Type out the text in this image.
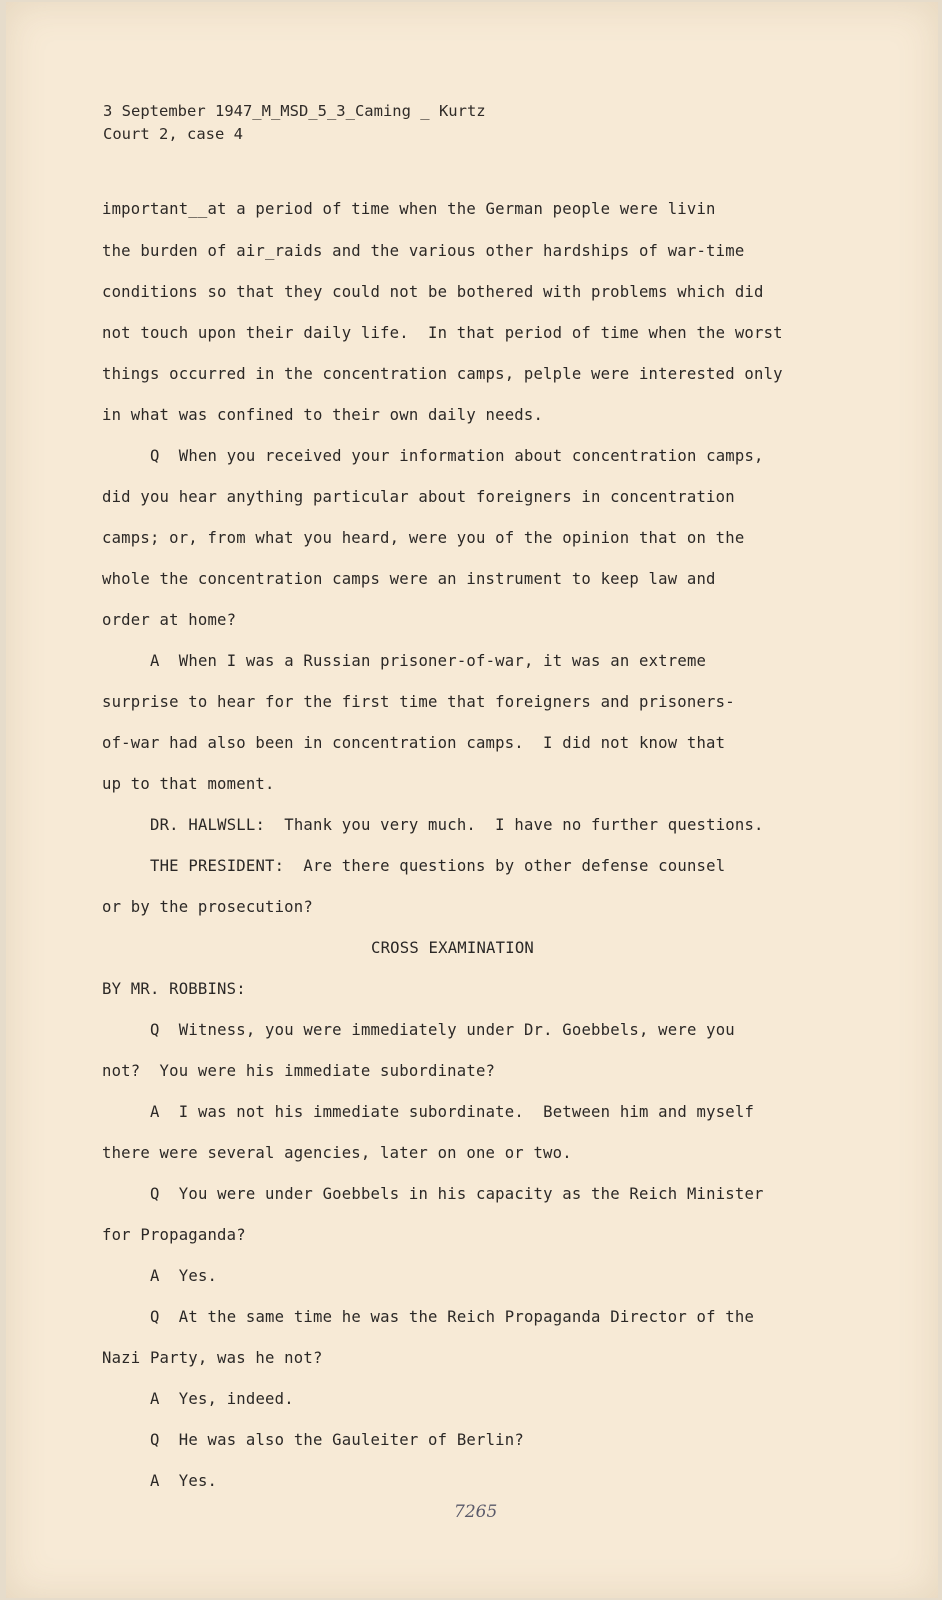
3 September 1947_M_MSD_5_3_Caming _ Kurtz
Court 2, case 4
important__at a period of time when the German people were livin
the burden of air_raids and the various other hardships of war-time
conditions so that they could not be bothered with problems which did
not touch upon their daily life.  In that period of time when the worst
things occurred in the concentration camps, pelple were interested only
in what was confined to their own daily needs.
Q  When you received your information about concentration camps,
did you hear anything particular about foreigners in concentration
camps; or, from what you heard, were you of the opinion that on the
whole the concentration camps were an instrument to keep law and
order at home?
A  When I was a Russian prisoner-of-war, it was an extreme
surprise to hear for the first time that foreigners and prisoners-
of-war had also been in concentration camps.  I did not know that
up to that moment.
DR. HALWSLL:  Thank you very much.  I have no further questions.
THE PRESIDENT:  Are there questions by other defense counsel
or by the prosecution?
CROSS EXAMINATION
BY MR. ROBBINS:
Q  Witness, you were immediately under Dr. Goebbels, were you
not?  You were his immediate subordinate?
A  I was not his immediate subordinate.  Between him and myself
there were several agencies, later on one or two.
Q  You were under Goebbels in his capacity as the Reich Minister
for Propaganda?
A  Yes.
Q  At the same time he was the Reich Propaganda Director of the
Nazi Party, was he not?
A  Yes, indeed.
Q  He was also the Gauleiter of Berlin?
A  Yes.
7265
